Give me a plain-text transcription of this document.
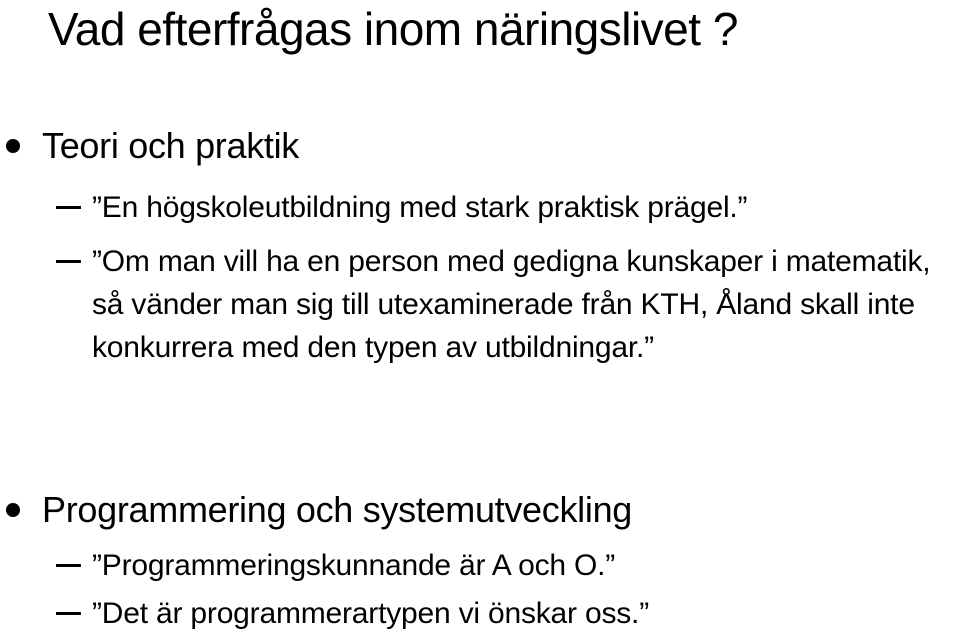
Vad efterfrågas inom näringslivet ?
Teori och praktik
”En högskoleutbildning med stark praktisk prägel.”
”Om man vill ha en person med gedigna kunskaper i matematik, så vänder man sig till utexaminerade från KTH, Åland skall inte konkurrera med den typen av utbildningar.”
Programmering och systemutveckling
”Programmeringskunnande är A och O.”
”Det är programmerartypen vi önskar oss.”
